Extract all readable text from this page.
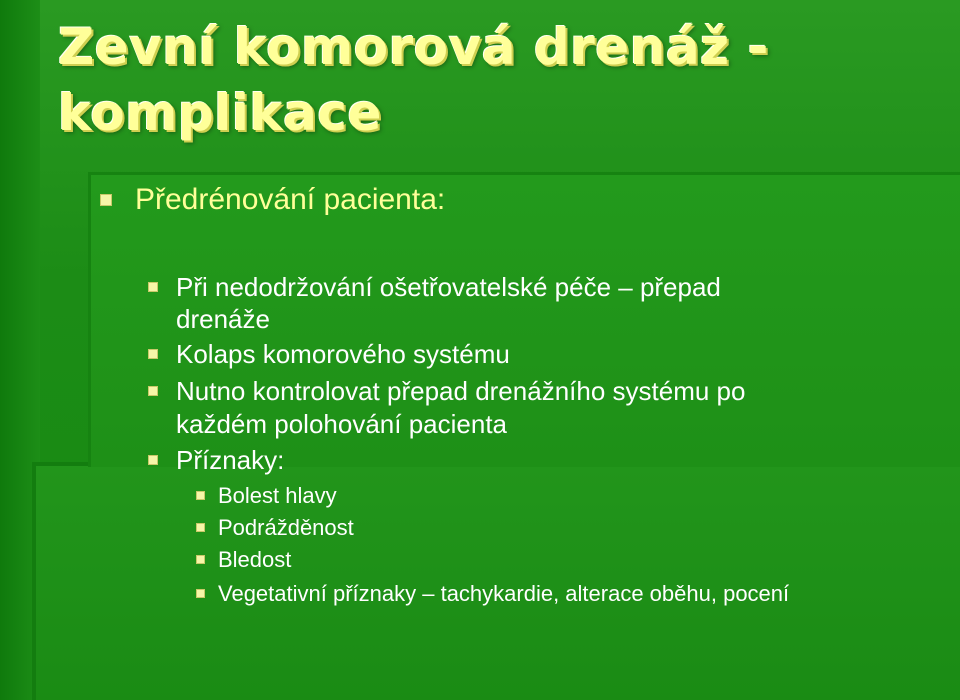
Zevní komorová drenáž - komplikace
Předrénování pacienta:
Při nedodržování ošetřovatelské péče – přepad
drenáže
Kolaps komorového systému
Nutno kontrolovat přepad drenážního systému po
každém polohování pacienta
Příznaky:
Bolest hlavy
Podrážděnost
Bledost
Vegetativní příznaky – tachykardie, alterace oběhu, pocení
